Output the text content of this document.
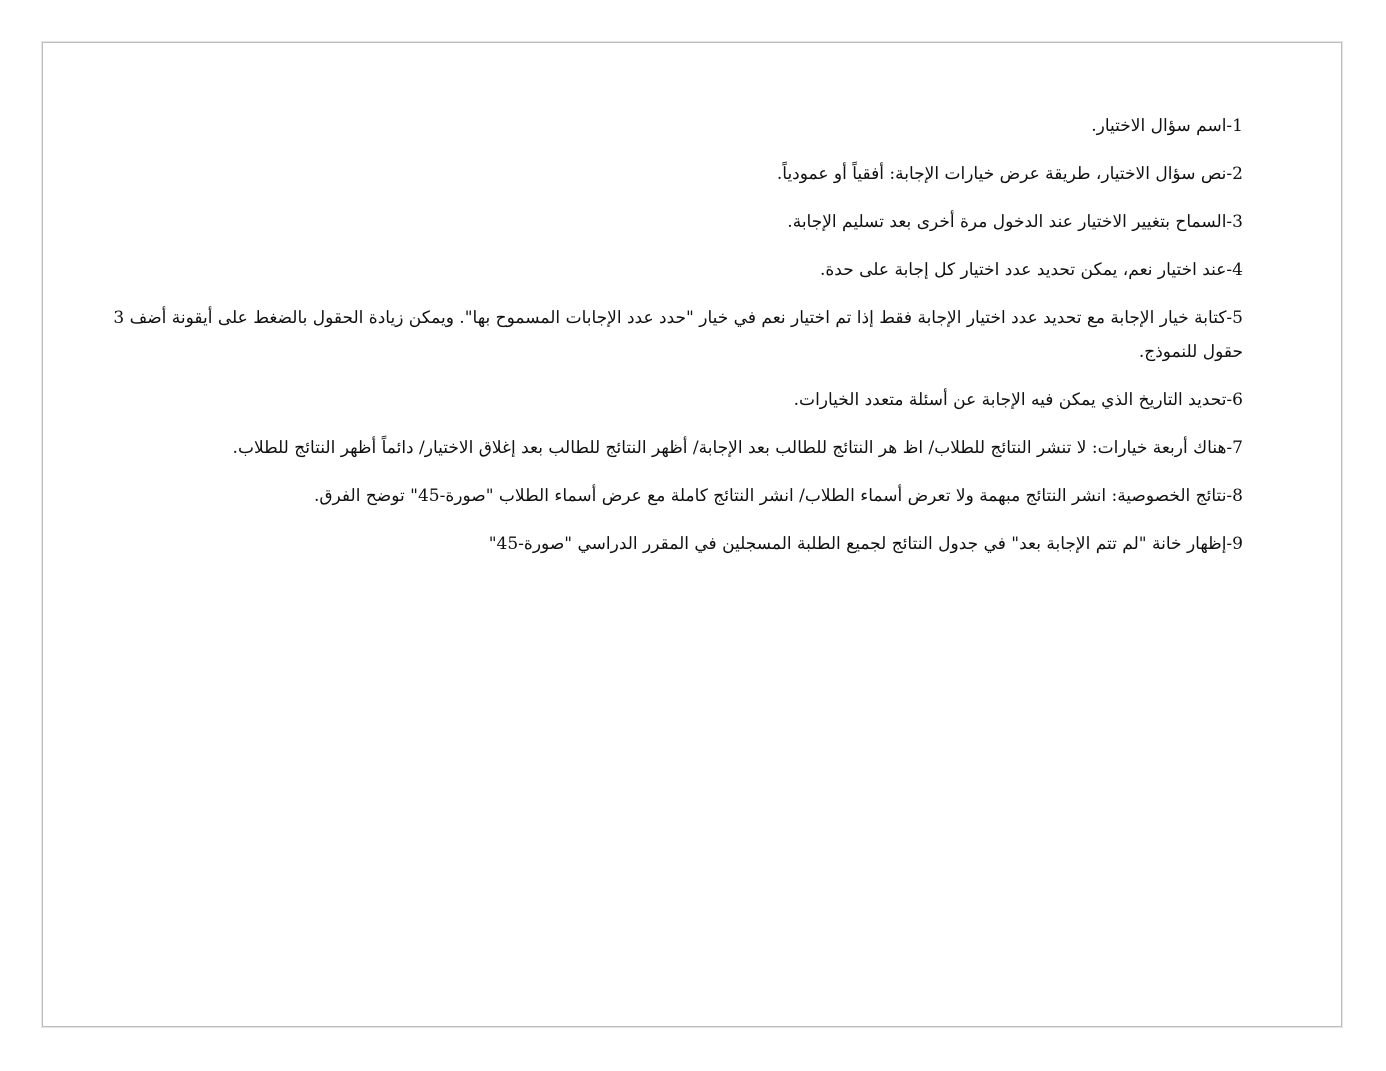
1-اسم سؤال الاختيار.

2-نص سؤال الاختيار، طريقة عرض خيارات الإجابة: أفقياً أو عمودياً.

3-السماح بتغيير الاختيار عند الدخول مرة أخرى بعد تسليم الإجابة.

4-عند اختيار نعم، يمكن تحديد عدد اختيار كل إجابة على حدة.

5-كتابة خيار الإجابة مع تحديد عدد اختيار الإجابة فقط إذا تم اختيار نعم في خيار "حدد عدد الإجابات المسموح بها". ويمكن زيادة الحقول بالضغط على أيقونة أضف 3 حقول للنموذج.

6-تحديد التاريخ الذي يمكن فيه الإجابة عن أسئلة متعدد الخيارات.

7-هناك أربعة خيارات: لا تنشر النتائج للطلاب/ اظ هر النتائج للطالب بعد الإجابة/ أظهر النتائج للطالب بعد إغلاق الاختيار/ دائماً أظهر النتائج للطلاب.

8-نتائج الخصوصية: انشر النتائج مبهمة ولا تعرض أسماء الطلاب/ انشر النتائج كاملة مع عرض أسماء الطلاب "صورة-45" توضح الفرق.

9-إظهار خانة "لم تتم الإجابة بعد" في جدول النتائج لجميع الطلبة المسجلين في المقرر الدراسي "صورة-45"
